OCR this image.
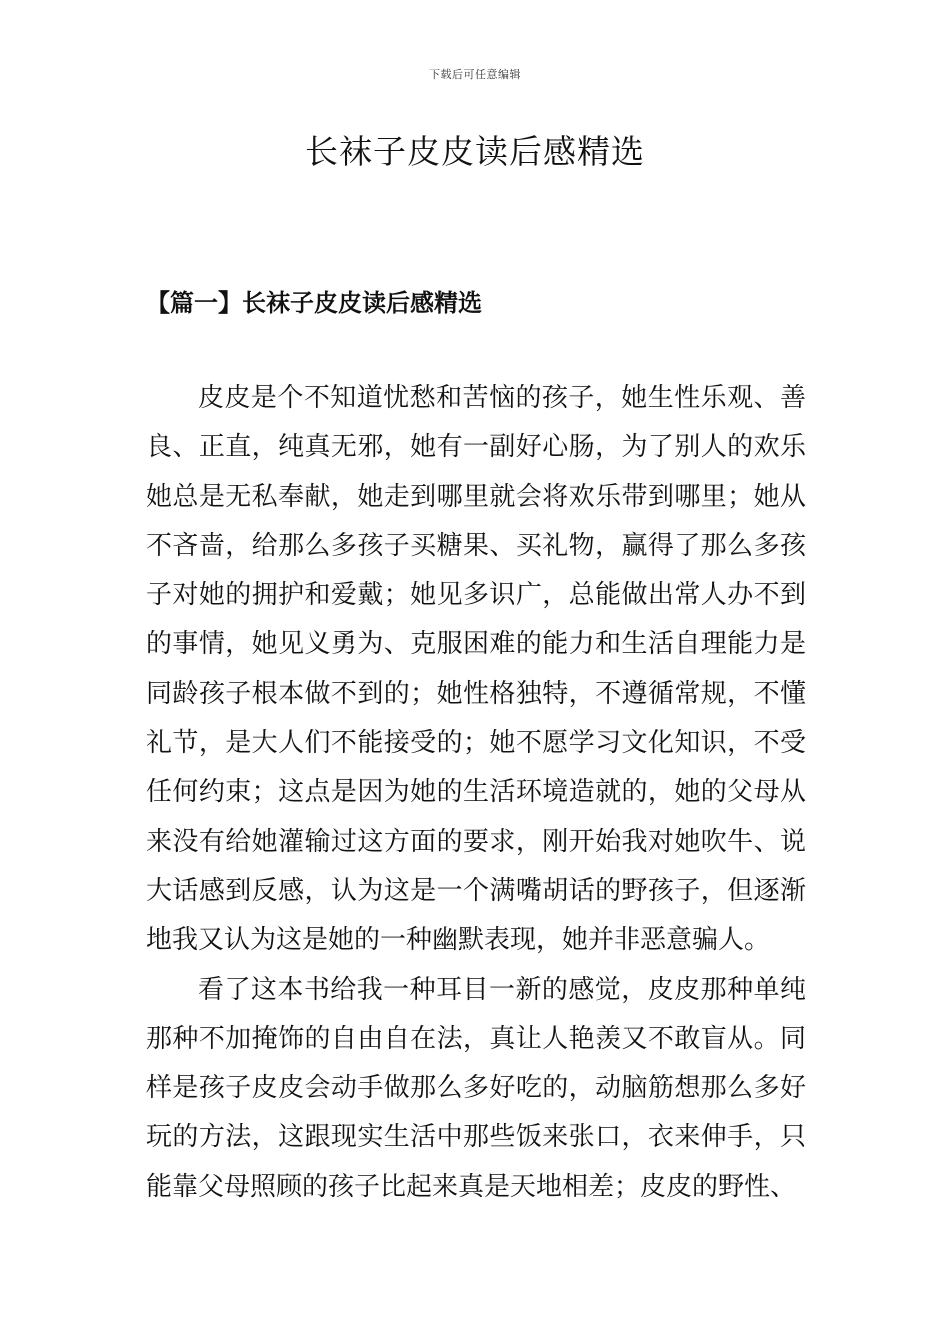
下载后可任意编辑
长袜子皮皮读后感精选
【篇一】长袜子皮皮读后感精选

皮皮是个不知道忧愁和苦恼的孩子，她生性乐观、善良、正直，纯真无邪，她有一副好心肠，为了别人的欢乐她总是无私奉献，她走到哪里就会将欢乐带到哪里；她从不吝啬，给那么多孩子买糖果、买礼物，赢得了那么多孩子对她的拥护和爱戴；她见多识广，总能做出常人办不到的事情，她见义勇为、克服困难的能力和生活自理能力是同龄孩子根本做不到的；她性格独特，不遵循常规，不懂礼节，是大人们不能接受的；她不愿学习文化知识，不受任何约束；这点是因为她的生活环境造就的，她的父母从来没有给她灌输过这方面的要求，刚开始我对她吹牛、说大话感到反感，认为这是一个满嘴胡话的野孩子，但逐渐地我又认为这是她的一种幽默表现，她并非恶意骗人。

看了这本书给我一种耳目一新的感觉，皮皮那种单纯那种不加掩饰的自由自在法，真让人艳羡又不敢盲从。同样是孩子皮皮会动手做那么多好吃的，动脑筋想那么多好玩的方法，这跟现实生活中那些饭来张口，衣来伸手，只能靠父母照顾的孩子比起来真是天地相差；皮皮的野性、
